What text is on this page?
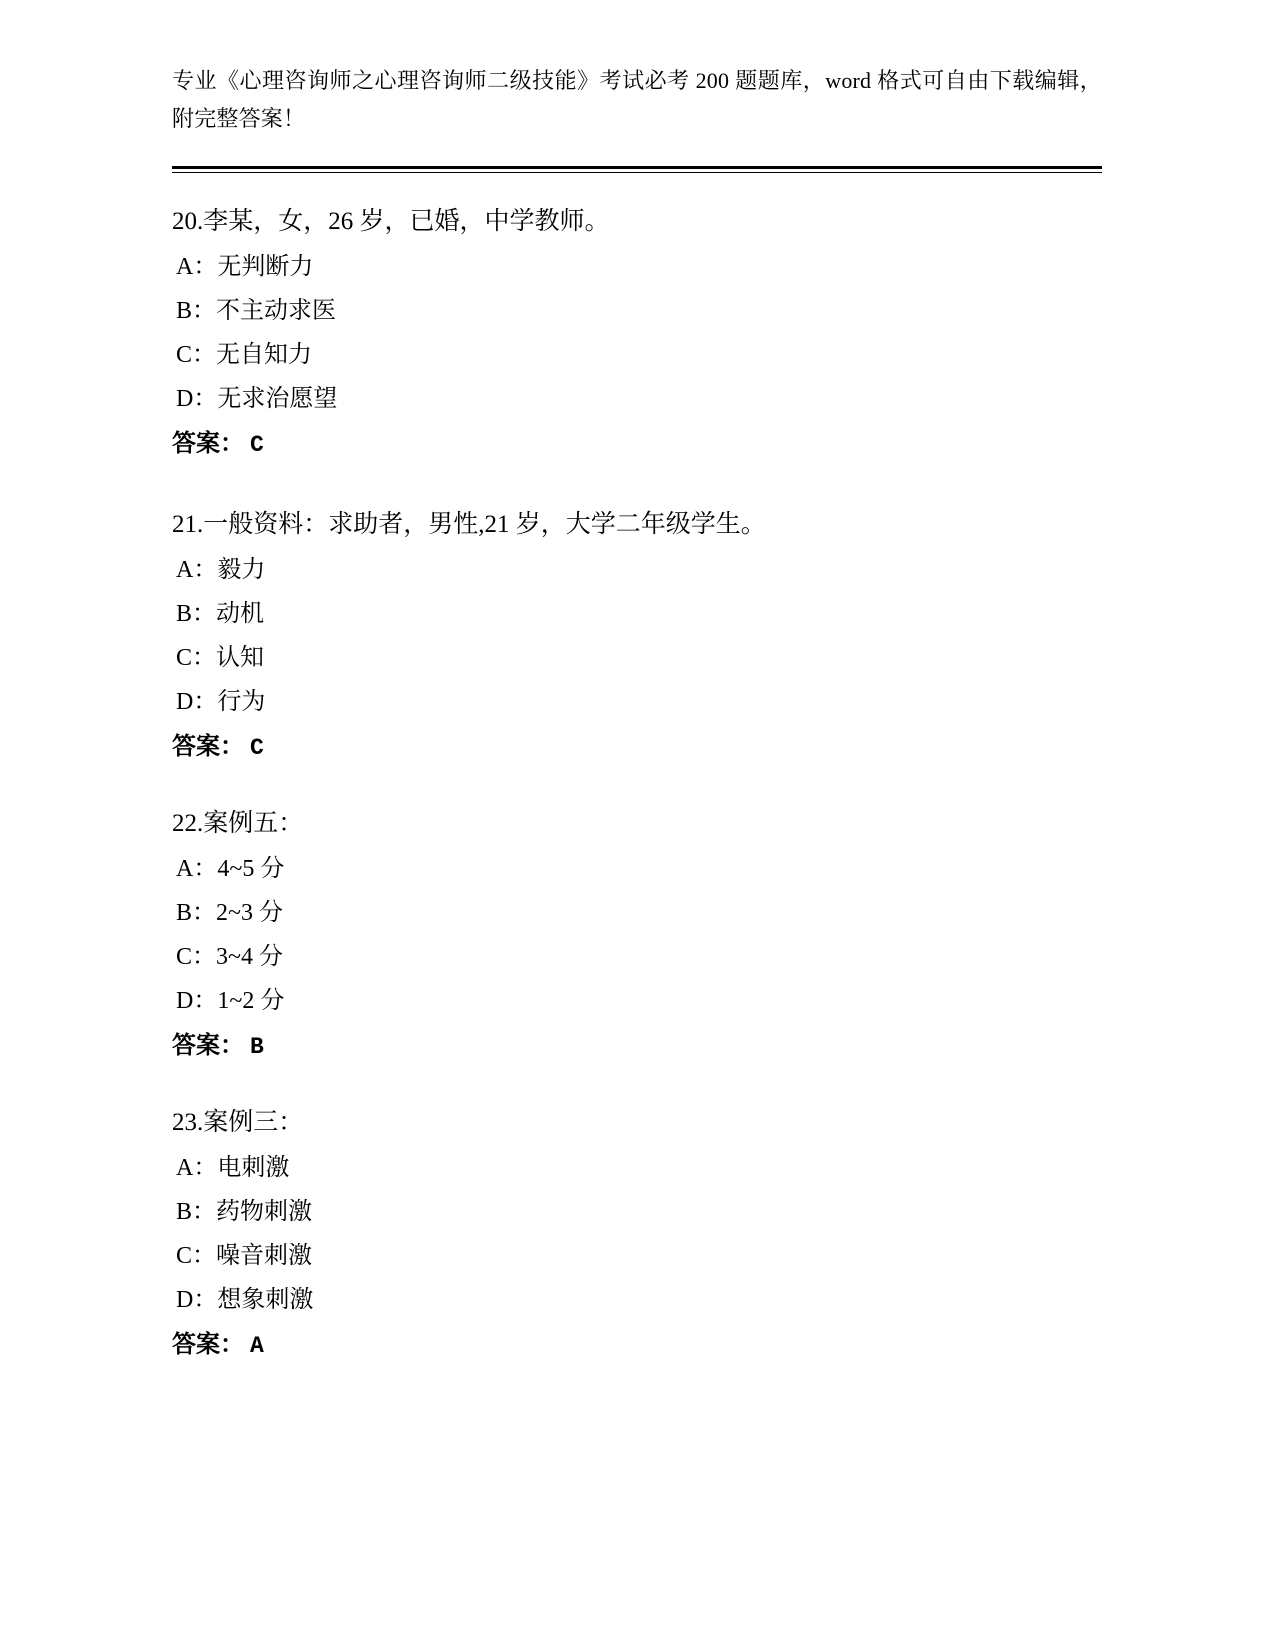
专业《心理咨询师之心理咨询师二级技能》考试必考 200 题题库，word 格式可自由下载编辑，附完整答案！
20.李某，女，26 岁，已婚，中学教师。
A：无判断力
B：不主动求医
C：无自知力
D：无求治愿望
答案： C
21.一般资料：求助者，男性,21 岁，大学二年级学生。
A：毅力
B：动机
C：认知
D：行为
答案： C
22.案例五：
A：4~5 分
B：2~3 分
C：3~4 分
D：1~2 分
答案： B
23.案例三：
A：电刺激
B：药物刺激
C：噪音刺激
D：想象刺激
答案： A
